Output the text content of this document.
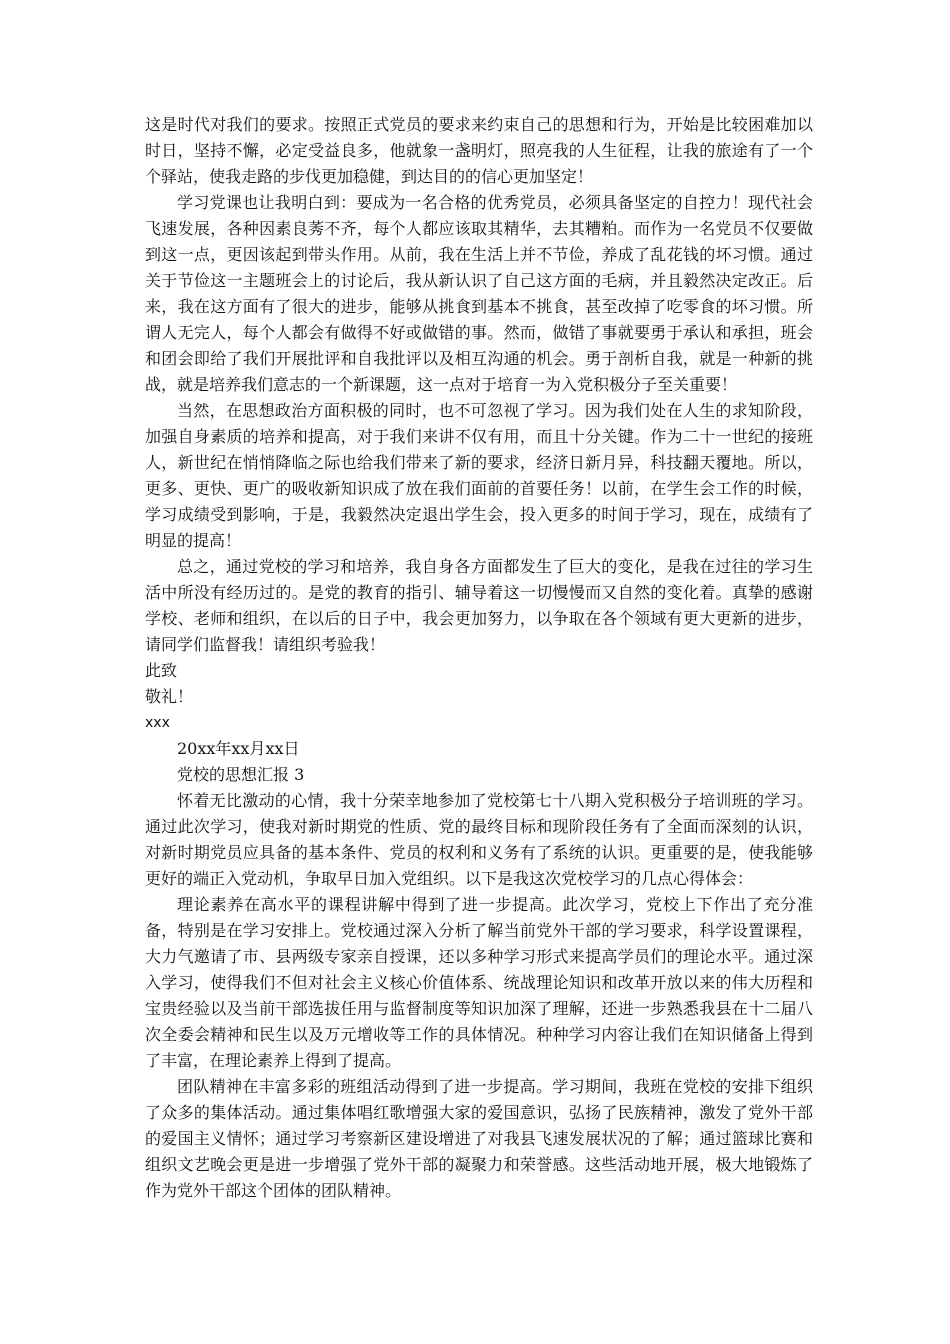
这是时代对我们的要求。按照正式党员的要求来约束自己的思想和行为，开始是比较困难加以时日，坚持不懈，必定受益良多，他就象一盏明灯，照亮我的人生征程，让我的旅途有了一个个驿站，使我走路的步伐更加稳健，到达目的的信心更加坚定！

学习党课也让我明白到：要成为一名合格的优秀党员，必须具备坚定的自控力！现代社会飞速发展，各种因素良莠不齐，每个人都应该取其精华，去其糟粕。而作为一名党员不仅要做到这一点，更因该起到带头作用。从前，我在生活上并不节俭，养成了乱花钱的坏习惯。通过关于节俭这一主题班会上的讨论后，我从新认识了自己这方面的毛病，并且毅然决定改正。后来，我在这方面有了很大的进步，能够从挑食到基本不挑食，甚至改掉了吃零食的坏习惯。所谓人无完人，每个人都会有做得不好或做错的事。然而，做错了事就要勇于承认和承担，班会和团会即给了我们开展批评和自我批评以及相互沟通的机会。勇于剖析自我，就是一种新的挑战，就是培养我们意志的一个新课题，这一点对于培育一为入党积极分子至关重要！

当然，在思想政治方面积极的同时，也不可忽视了学习。因为我们处在人生的求知阶段，加强自身素质的培养和提高，对于我们来讲不仅有用，而且十分关键。作为二十一世纪的接班人，新世纪在悄悄降临之际也给我们带来了新的要求，经济日新月异，科技翻天覆地。所以，更多、更快、更广的吸收新知识成了放在我们面前的首要任务！以前，在学生会工作的时候，学习成绩受到影响，于是，我毅然决定退出学生会，投入更多的时间于学习，现在，成绩有了明显的提高！

总之，通过党校的学习和培养，我自身各方面都发生了巨大的变化，是我在过往的学习生活中所没有经历过的。是党的教育的指引、辅导着这一切慢慢而又自然的变化着。真挚的感谢学校、老师和组织，在以后的日子中，我会更加努力，以争取在各个领域有更大更新的进步，请同学们监督我！请组织考验我！

此致

敬礼！

xxx

20xx年xx月xx日

党校的思想汇报 3

怀着无比激动的心情，我十分荣幸地参加了党校第七十八期入党积极分子培训班的学习。通过此次学习，使我对新时期党的性质、党的最终目标和现阶段任务有了全面而深刻的认识，对新时期党员应具备的基本条件、党员的权利和义务有了系统的认识。更重要的是，使我能够更好的端正入党动机，争取早日加入党组织。以下是我这次党校学习的几点心得体会：

理论素养在高水平的课程讲解中得到了进一步提高。此次学习，党校上下作出了充分准备，特别是在学习安排上。党校通过深入分析了解当前党外干部的学习要求，科学设置课程，大力气邀请了市、县两级专家亲自授课，还以多种学习形式来提高学员们的理论水平。通过深入学习，使得我们不但对社会主义核心价值体系、统战理论知识和改革开放以来的伟大历程和宝贵经验以及当前干部选拔任用与监督制度等知识加深了理解，还进一步熟悉我县在十二届八次全委会精神和民生以及万元增收等工作的具体情况。种种学习内容让我们在知识储备上得到了丰富，在理论素养上得到了提高。

团队精神在丰富多彩的班组活动得到了进一步提高。学习期间，我班在党校的安排下组织了众多的集体活动。通过集体唱红歌增强大家的爱国意识，弘扬了民族精神，激发了党外干部的爱国主义情怀；通过学习考察新区建设增进了对我县飞速发展状况的了解；通过篮球比赛和组织文艺晚会更是进一步增强了党外干部的凝聚力和荣誉感。这些活动地开展，极大地锻炼了作为党外干部这个团体的团队精神。
